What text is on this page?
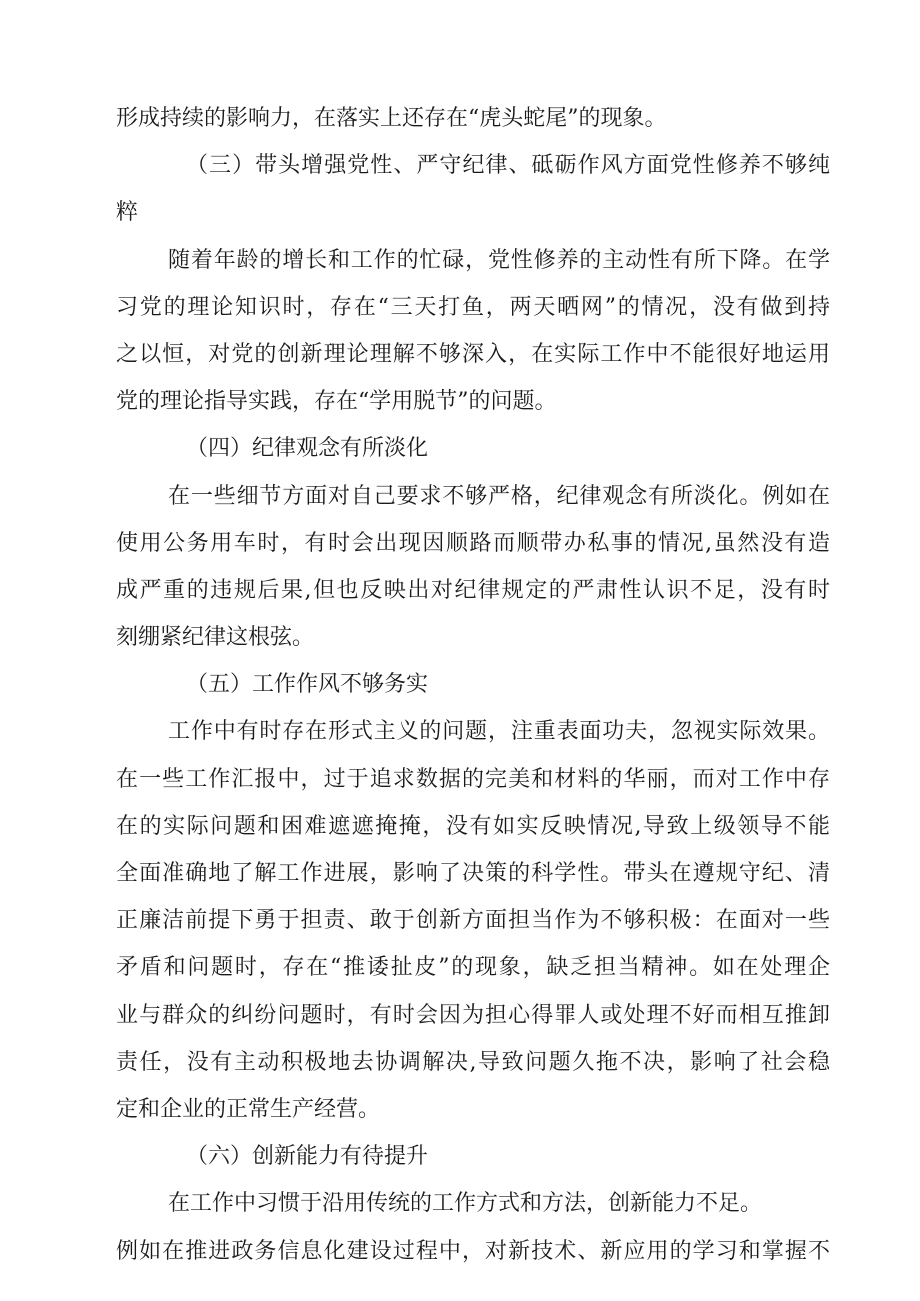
形成持续的影响力，在落实上还存在“虎头蛇尾”的现象。
（三）带头增强党性、严守纪律、砥砺作风方面党性修养不够纯
粹
随着年龄的增长和工作的忙碌，党性修养的主动性有所下降。在学
习党的理论知识时，存在“三天打鱼，两天晒网”的情况，没有做到持
之以恒，对党的创新理论理解不够深入，在实际工作中不能很好地运用
党的理论指导实践，存在“学用脱节”的问题。
（四）纪律观念有所淡化
在一些细节方面对自己要求不够严格，纪律观念有所淡化。例如在
使用公务用车时，有时会出现因顺路而顺带办私事的情况,虽然没有造
成严重的违规后果,但也反映出对纪律规定的严肃性认识不足，没有时
刻绷紧纪律这根弦。
（五）工作作风不够务实
工作中有时存在形式主义的问题，注重表面功夫，忽视实际效果。
在一些工作汇报中，过于追求数据的完美和材料的华丽，而对工作中存
在的实际问题和困难遮遮掩掩，没有如实反映情况,导致上级领导不能
全面准确地了解工作进展，影响了决策的科学性。带头在遵规守纪、清
正廉洁前提下勇于担责、敢于创新方面担当作为不够积极：在面对一些
矛盾和问题时，存在“推诿扯皮”的现象，缺乏担当精神。如在处理企
业与群众的纠纷问题时，有时会因为担心得罪人或处理不好而相互推卸
责任，没有主动积极地去协调解决,导致问题久拖不决，影响了社会稳
定和企业的正常生产经营。
（六）创新能力有待提升
在工作中习惯于沿用传统的工作方式和方法，创新能力不足。
例如在推进政务信息化建设过程中，对新技术、新应用的学习和掌握不
